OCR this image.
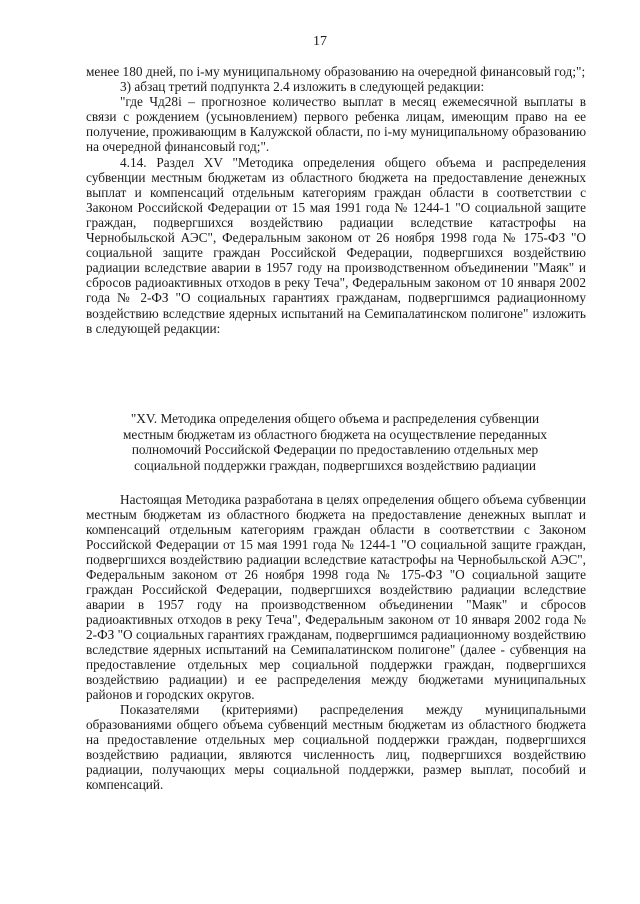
17

менее 180 дней, по i-му муниципальному образованию на очередной финансовый год;";

3) абзац третий подпункта 2.4 изложить в следующей редакции:

"где Чд28i – прогнозное количество выплат в месяц ежемесячной выплаты в связи с рождением (усыновлением) первого ребенка лицам, имеющим право на ее получение, проживающим в Калужской области, по i-му муниципальному образованию на очередной финансовый год;".

4.14. Раздел XV "Методика определения общего объема и распределения субвенции местным бюджетам из областного бюджета на предоставление денежных выплат и компенсаций отдельным категориям граждан области в соответствии с Законом Российской Федерации от 15 мая 1991 года № 1244-1 "О социальной защите граждан, подвергшихся воздействию радиации вследствие катастрофы на Чернобыльской АЭС", Федеральным законом от 26 ноября 1998 года № 175-ФЗ "О социальной защите граждан Российской Федерации, подвергшихся воздействию радиации вследствие аварии в 1957 году на производственном объединении "Маяк" и сбросов радиоактивных отходов в реку Теча", Федеральным законом от 10 января 2002 года № 2-ФЗ "О социальных гарантиях гражданам, подвергшимся радиационному воздействию вследствие ядерных испытаний на Семипалатинском полигоне" изложить в следующей редакции:

"XV. Методика определения общего объема и распределения субвенции
местным бюджетам из областного бюджета на осуществление переданных
полномочий Российской Федерации по предоставлению отдельных мер
социальной поддержки граждан, подвергшихся воздействию радиации

Настоящая Методика разработана в целях определения общего объема субвенции местным бюджетам из областного бюджета на предоставление денежных выплат и компенсаций отдельным категориям граждан области в соответствии с Законом Российской Федерации от 15 мая 1991 года № 1244-1 "О социальной защите граждан, подвергшихся воздействию радиации вследствие катастрофы на Чернобыльской АЭС", Федеральным законом от 26 ноября 1998 года № 175-ФЗ "О социальной защите граждан Российской Федерации, подвергшихся воздействию радиации вследствие аварии в 1957 году на производственном объединении "Маяк" и сбросов радиоактивных отходов в реку Теча", Федеральным законом от 10 января 2002 года № 2-ФЗ "О социальных гарантиях гражданам, подвергшимся радиационному воздействию вследствие ядерных испытаний на Семипалатинском полигоне" (далее - субвенция на предоставление отдельных мер социальной поддержки граждан, подвергшихся воздействию радиации) и ее распределения между бюджетами муниципальных районов и городских округов.

Показателями (критериями) распределения между муниципальными образованиями общего объема субвенций местным бюджетам из областного бюджета на предоставление отдельных мер социальной поддержки граждан, подвергшихся воздействию радиации, являются численность лиц, подвергшихся воздействию радиации, получающих меры социальной поддержки, размер выплат, пособий и компенсаций.
